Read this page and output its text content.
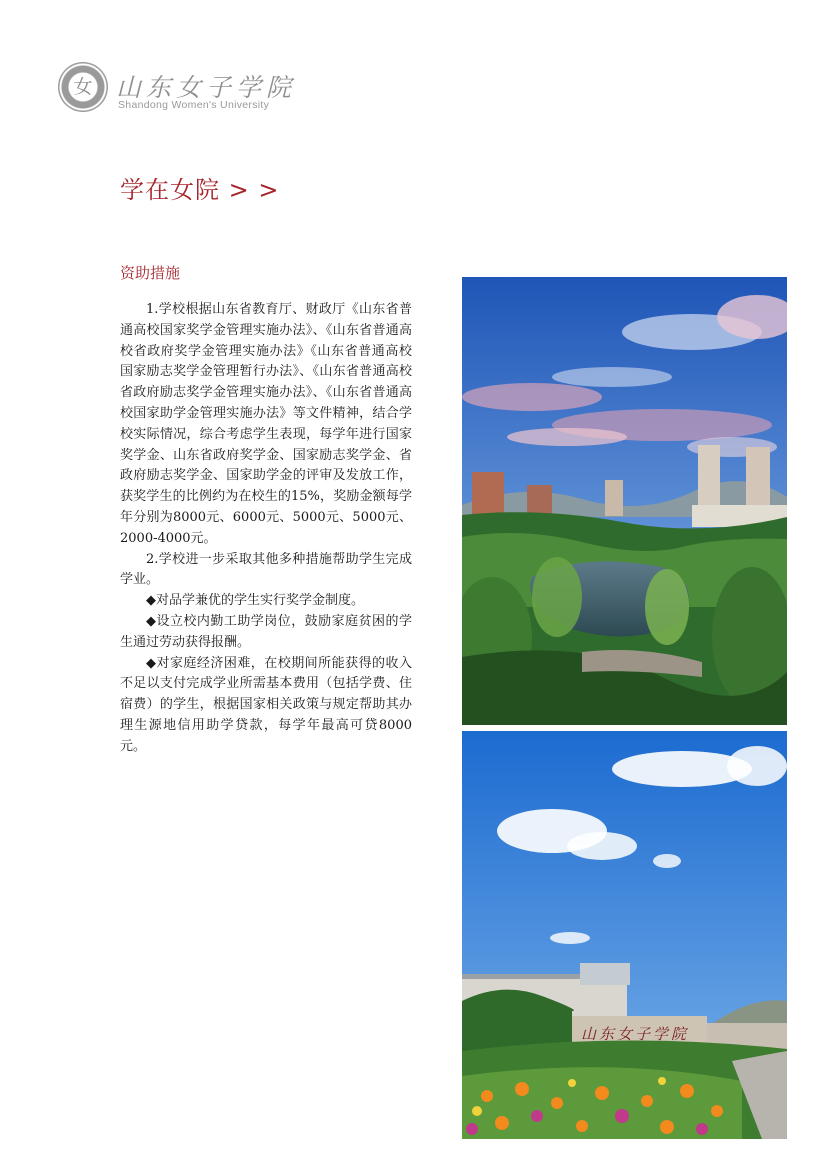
女 山东女子学院
Shandong Women's University
学在女院 > >
资助措施

1.学校根据山东省教育厅、财政厅《山东省普通高校国家奖学金管理实施办法》、《山东省普通高校省政府奖学金管理实施办法》《山东省普通高校国家励志奖学金管理暂行办法》、《山东省普通高校省政府励志奖学金管理实施办法》、《山东省普通高校国家助学金管理实施办法》等文件精神，结合学校实际情况，综合考虑学生表现，每学年进行国家奖学金、山东省政府奖学金、国家励志奖学金、省政府励志奖学金、国家助学金的评审及发放工作，获奖学生的比例约为在校生的15%，奖励金额每学年分别为8000元、6000元、5000元、5000元、2000-4000元。

2.学校进一步采取其他多种措施帮助学生完成学业。

◆对品学兼优的学生实行奖学金制度。

◆设立校内勤工助学岗位，鼓励家庭贫困的学生通过劳动获得报酬。

◆对家庭经济困难，在校期间所能获得的收入不足以支付完成学业所需基本费用（包括学费、住宿费）的学生，根据国家相关政策与规定帮助其办理生源地信用助学贷款，每学年最高可贷8000元。

山东女子学院
